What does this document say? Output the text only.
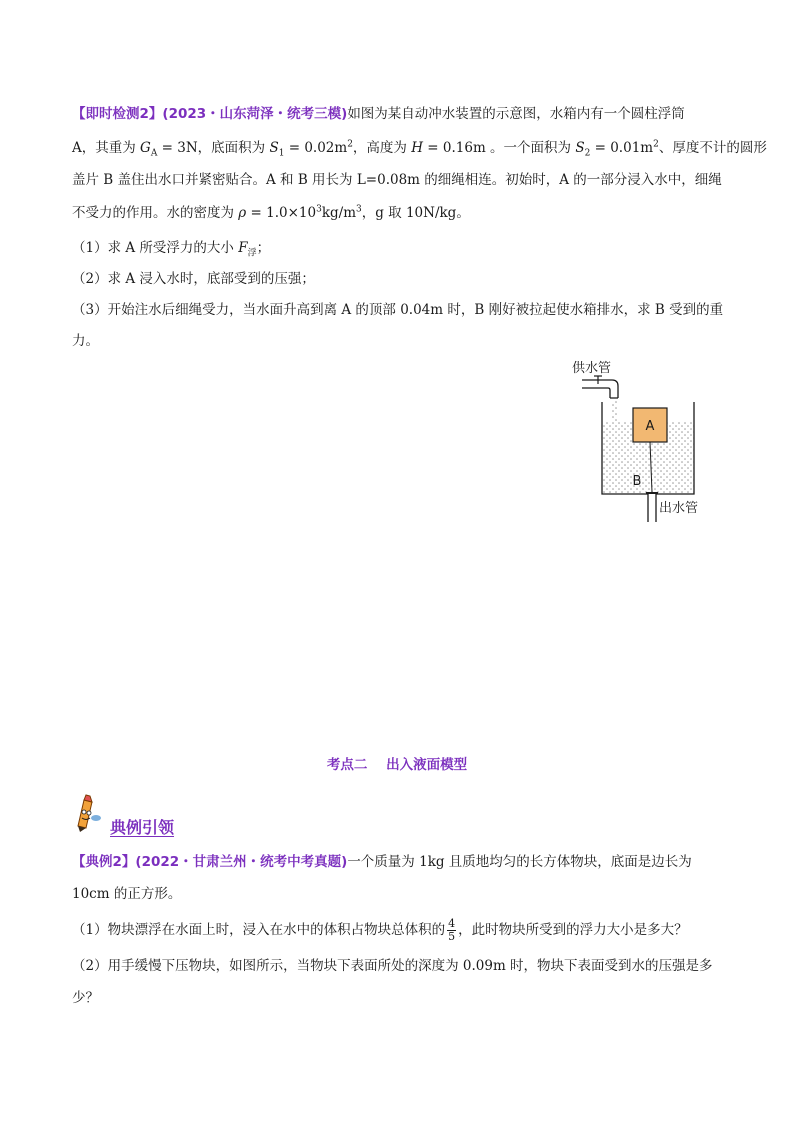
【即时检测2】(2023・山东菏泽・统考三模)如图为某自动冲水装置的示意图，水箱内有一个圆柱浮筒
A，其重为 $G_A = 3N$，底面积为 $S_1 = 0.02m^2$，高度为 H = 0.16m 。一个面积为 $S_2 = 0.01m^2$、厚度不计的圆形
盖片 B 盖住出水口并紧密贴合。A 和 B 用长为 L=0.08m 的细绳相连。初始时，A 的一部分浸入水中，细绳
不受力的作用。水的密度为 $\rho = 1.0\times 10^3kg/m^3$，g 取 10N/kg。
（1）求 A 所受浮力的大小 $F_浮$；
（2）求 A 浸入水时，底部受到的压强；
（3）开始注水后细绳受力，当水面升高到离 A 的顶部 0.04m 时，B 刚好被拉起使水箱排水，求 B 受到的重
力。
A
B
供水管
出水管
考点二    出入液面模型
典例引领
【典例2】(2022・甘肃兰州・统考中考真题)一个质量为 1kg 且质地均匀的长方体物块，底面是边长为
10cm 的正方形。
（1）物块漂浮在水面上时，浸入在水中的体积占物块总体积的 $\frac{4}{5}$ ，此时物块所受到的浮力大小是多大？
（2）用手缓慢下压物块，如图所示，当物块下表面所处的深度为 0.09m 时，物块下表面受到水的压强是多
少？
